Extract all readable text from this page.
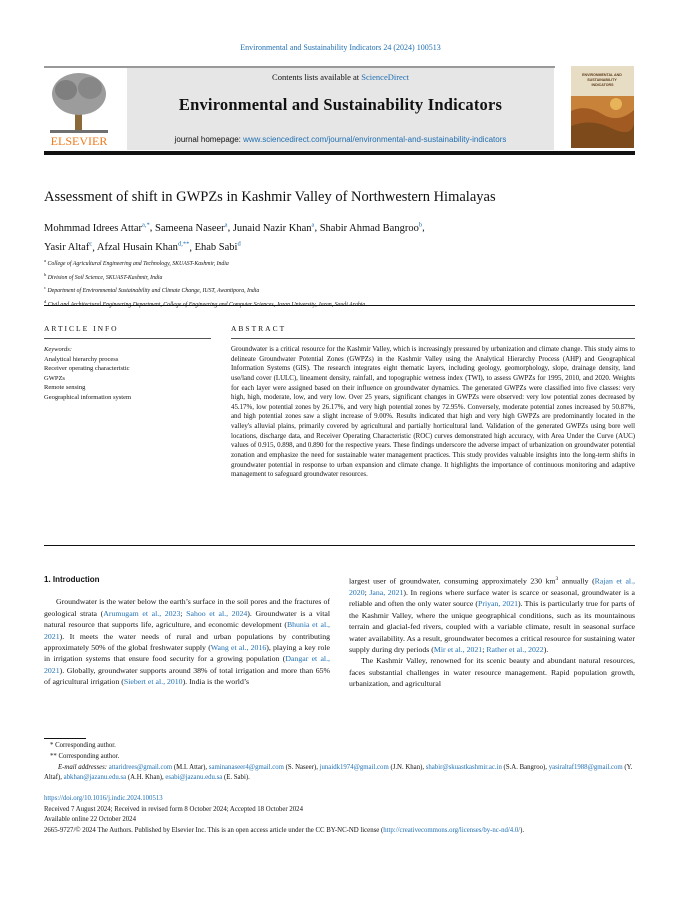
Environmental and Sustainability Indicators 24 (2024) 100513
ELSEVIER
Contents lists available at ScienceDirect
Environmental and Sustainability Indicators
journal homepage: www.sciencedirect.com/journal/environmental-and-sustainability-indicators
ENVIRONMENTAL AND SUSTAINABILITY INDICATORS
Assessment of shift in GWPZs in Kashmir Valley of Northwestern Himalayas
Mohmmad Idrees Attar$^{a,*}$, Sameena Naseer$^a$, Junaid Nazir Khan$^a$, Shabir Ahmad Bangroo$^b$,
Yasir Altaf$^c$, Afzal Husain Khan$^{d,**}$, Ehab Sabi$^d$
$^a$ College of Agricultural Engineering and Technology, SKUAST-Kashmir, India
$^b$ Division of Soil Science, SKUAST-Kashmir, India
$^c$ Department of Environmental Sustainability and Climate Change, IUST, Awantipora, India
$^d$
ARTICLE INFO	ABSTRACT
Keywords:
Analytical hierarchy process
Receiver operating characteristic
GWPZs
Remote sensing
Geographical information system
Groundwater is a critical resource for the Kashmir Valley, which is increasingly pressured by urbanization and climate change. This study aims to delineate Groundwater Potential Zones (GWPZs) in the Kashmir Valley using the Analytical Hierarchy Process (AHP) and Geographical Information Systems (GIS). The research integrates eight thematic layers, including geology, geomorphology, slope, drainage density, land use/land cover (LULC), lineament density, rainfall, and topographic wetness index (TWI), to assess GWPZs for 1995, 2010, and 2020. Weights for each layer were assigned based on their influence on groundwater dynamics. The generated GWPZs were classified into five classes: very high, high, moderate, low, and very low. Over 25 years, significant changes in GWPZs were observed: very low potential zones decreased by 45.17%, low potential zones by 26.17%, and very high potential zones by 72.95%. Conversely, moderate potential zones increased by 50.87%, and high potential zones saw a slight increase of 9.00%. Results indicated that high and very high GWPZs are predominantly located in the valley's alluvial plains, primarily covered by agricultural and partially horticultural land. Validation of the generated GWPZs using bore well locations, discharge data, and Receiver Operating Characteristic (ROC) curves demonstrated high accuracy, with Area Under the Curve (AUC) values of 0.915, 0.898, and 0.890 for the respective years. These findings underscore the adverse impact of urbanization on groundwater potential zonation and emphasize the need for sustainable water management practices. This study provides valuable insights into the long-term shifts in groundwater potential in response to urban expansion and climate change. It highlights the importance of continuous monitoring and adaptive management to safeguard groundwater resources.
1. Introduction

Groundwater is the water below the earth’s surface in the soil pores and the fractures of geological strata (Arumugam et al., 2023; Sahoo et al., 2024). Groundwater is a vital natural resource that supports life, agriculture, and economic development (Bhunia et al., 2021). It meets the water needs of rural and urban populations by contributing approximately 50% of the global freshwater supply (Wang et al., 2016), playing a key role in irrigation systems that ensure food security for a growing population (Dangar et al., 2021). Globally, groundwater supports around 38% of total irrigation and more than 65% of agricultural irrigation (Siebert et al., 2010). India is the world’s

largest user of groundwater, consuming approximately 230 $km^3$ annually (Rajan et al., 2020; Jana, 2021). In regions where surface water is scarce or seasonal, groundwater is a reliable and often the only water source (Priyan, 2021). This is particularly true for parts of the Kashmir Valley, where the unique geographical conditions, such as its mountainous terrain and glacial-fed rivers, coupled with a variable climate, result in seasonal surface water availability. As a result, groundwater becomes a critical resource for sustaining water supply during dry periods (Mir et al., 2021; Rather et al., 2022).

The Kashmir Valley, renowned for its scenic beauty and abundant natural resources, faces substantial challenges in water resource management. Rapid population growth, urbanization, and agricultural

* Corresponding author.
** Corresponding author.
E-mail addresses: attaridrees@gmail.com (M.I. Attar), saminanaseer4@gmail.com (S. Naseer), junaidk1974@gmail.com (J.N. Khan), shabir@skuastkashmir.ac.in (S.A. Bangroo), yasiraltaf1988@gmail.com (Y. Altaf), abkhan@jazanu.edu.sa (A.H. Khan), esabi@jazanu.edu.sa (E. Sabi).
https://doi.org/10.1016/j.indic.2024.100513
Received 7 August 2024; Received in revised form 8 October 2024; Accepted 18 October 2024
Available online 22 October 2024
2665-9727/© 2024 The Authors. Published by Elsevier Inc. This is an open access article under the CC BY-NC-ND license (http://creativecommons.org/licenses/by-nc-nd/4.0/).
